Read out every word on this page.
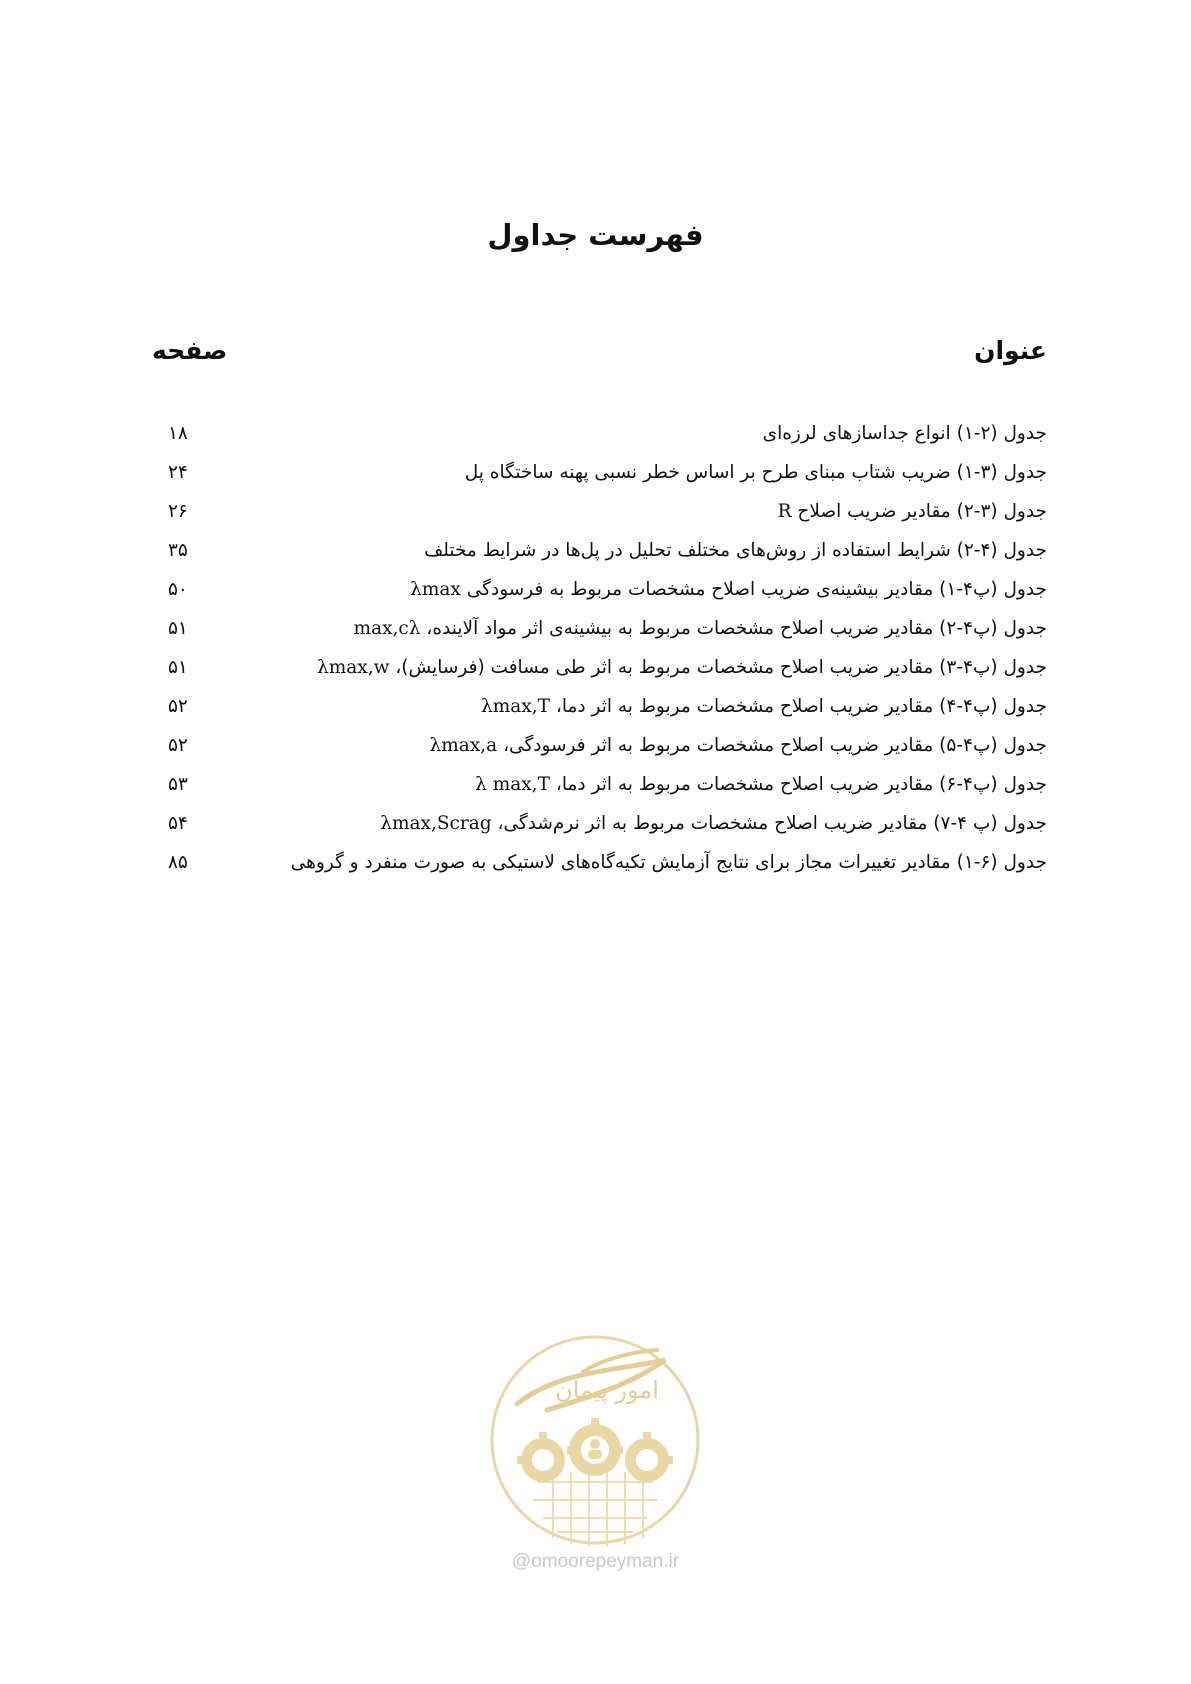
فهرست جداول
عنوان
صفحه
جدول (۲-۱) انواع جداسازهای لرزه‌ای
۱۸
جدول (۳-۱) ضریب شتاب مبنای طرح بر اساس خطر نسبی پهنه ساختگاه پل
۲۴
جدول (۳-۲) مقادیر ضریب اصلاح R
۲۶
جدول (۴-۲) شرایط استفاده از روش‌های مختلف تحلیل در پل‌ها در شرایط مختلف
۳۵
جدول (پ۴-۱) مقادیر بیشینه‌ی ضریب اصلاح مشخصات مربوط به فرسودگی λmax
۵۰
جدول (پ۴-۲) مقادیر ضریب اصلاح مشخصات مربوط به بیشینه‌ی اثر مواد آلاینده، max,cλ
۵۱
جدول (پ۴-۳) مقادیر ضریب اصلاح مشخصات مربوط به اثر طی مسافت (فرسایش)، λmax,w
۵۱
جدول (پ۴-۴) مقادیر ضریب اصلاح مشخصات مربوط به اثر دما، λmax,T
۵۲
جدول (پ۴-۵) مقادیر ضریب اصلاح مشخصات مربوط به اثر فرسودگی، λmax,a
۵۲
جدول (پ۴-۶) مقادیر ضریب اصلاح مشخصات مربوط به اثر دما، λ max,T
۵۳
جدول (پ ۴-۷) مقادیر ضریب اصلاح مشخصات مربوط به اثر نرم‌شدگی، λmax,Scrag
۵۴
جدول (۶-۱) مقادیر تغییرات مجاز برای نتایج آزمایش تکیه‌گاه‌های لاستیکی به صورت منفرد و گروهی
۸۵
امور پیمان
@omoorepeyman.ir
